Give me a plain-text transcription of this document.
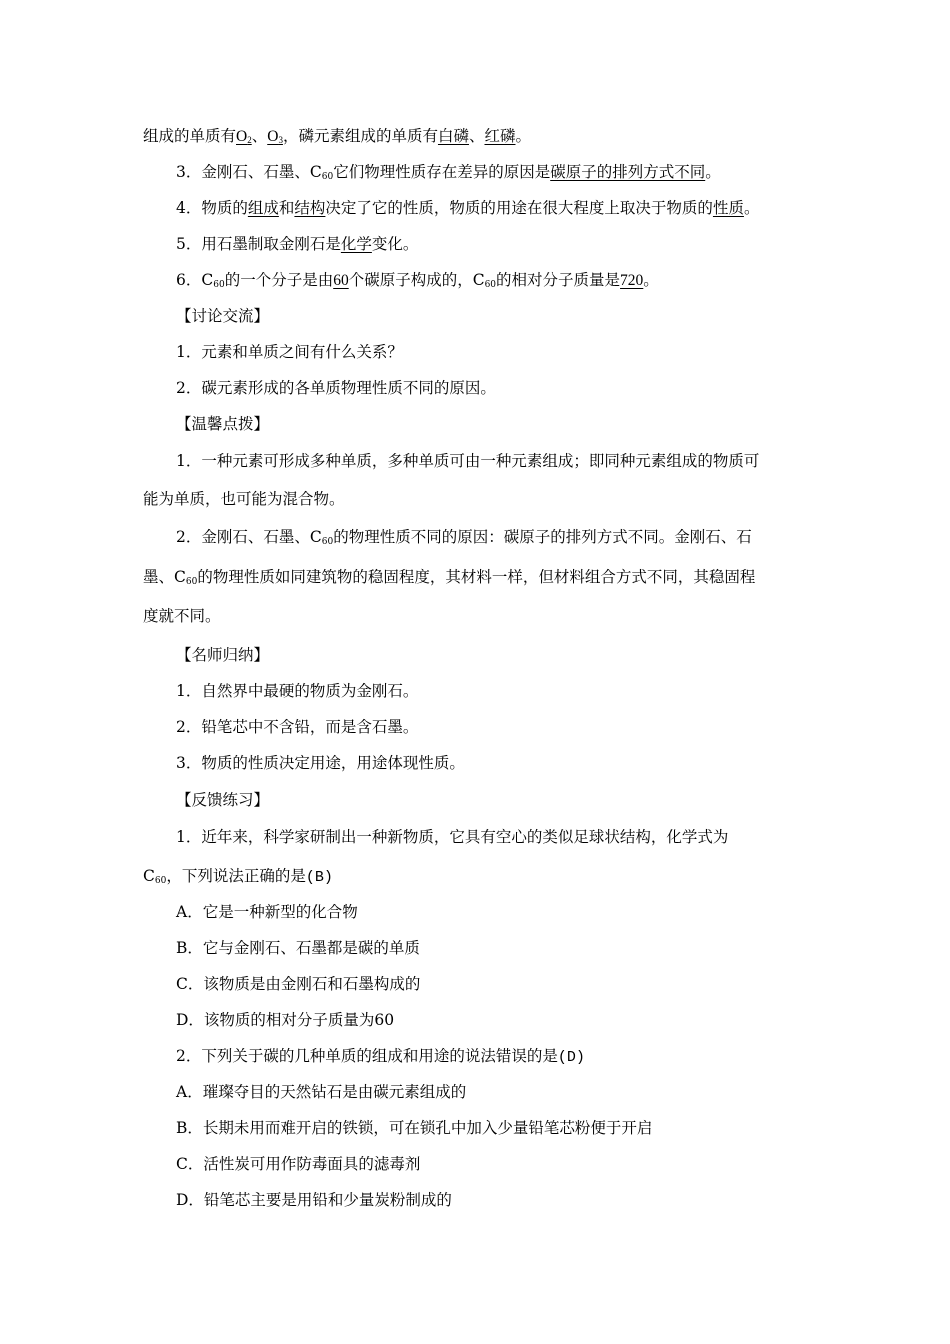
组成的单质有$O_2$、$O_3$，磷元素组成的单质有白磷、红磷。
3．金刚石、石墨、$C_{60}$它们物理性质存在差异的原因是碳原子的排列方式不同。
4．物质的组成和结构决定了它的性质，物质的用途在很大程度上取决于物质的性质。
5．用石墨制取金刚石是化学变化。
6．$C_{60}$的一个分子是由60个碳原子构成的，$C_{60}$的相对分子质量是720。
【讨论交流】
1．元素和单质之间有什么关系？
2．碳元素形成的各单质物理性质不同的原因。
【温馨点拨】
1．一种元素可形成多种单质，多种单质可由一种元素组成；即同种元素组成的物质可
能为单质，也可能为混合物。
2．金刚石、石墨、$C_{60}$的物理性质不同的原因：碳原子的排列方式不同。金刚石、石
墨、$C_{60}$的物理性质如同建筑物的稳固程度，其材料一样，但材料组合方式不同，其稳固程
度就不同。
【名师归纳】
1．自然界中最硬的物质为金刚石。
2．铅笔芯中不含铅，而是含石墨。
3．物质的性质决定用途，用途体现性质。
【反馈练习】
1．近年来，科学家研制出一种新物质，它具有空心的类似足球状结构，化学式为
$C_{60}$，下列说法正确的是(B)
A．它是一种新型的化合物
B．它与金刚石、石墨都是碳的单质
C．该物质是由金刚石和石墨构成的
D．该物质的相对分子质量为60
2．下列关于碳的几种单质的组成和用途的说法错误的是(D)
A．璀璨夺目的天然钻石是由碳元素组成的
B．长期未用而难开启的铁锁，可在锁孔中加入少量铅笔芯粉便于开启
C．活性炭可用作防毒面具的滤毒剂
D．铅笔芯主要是用铅和少量炭粉制成的
